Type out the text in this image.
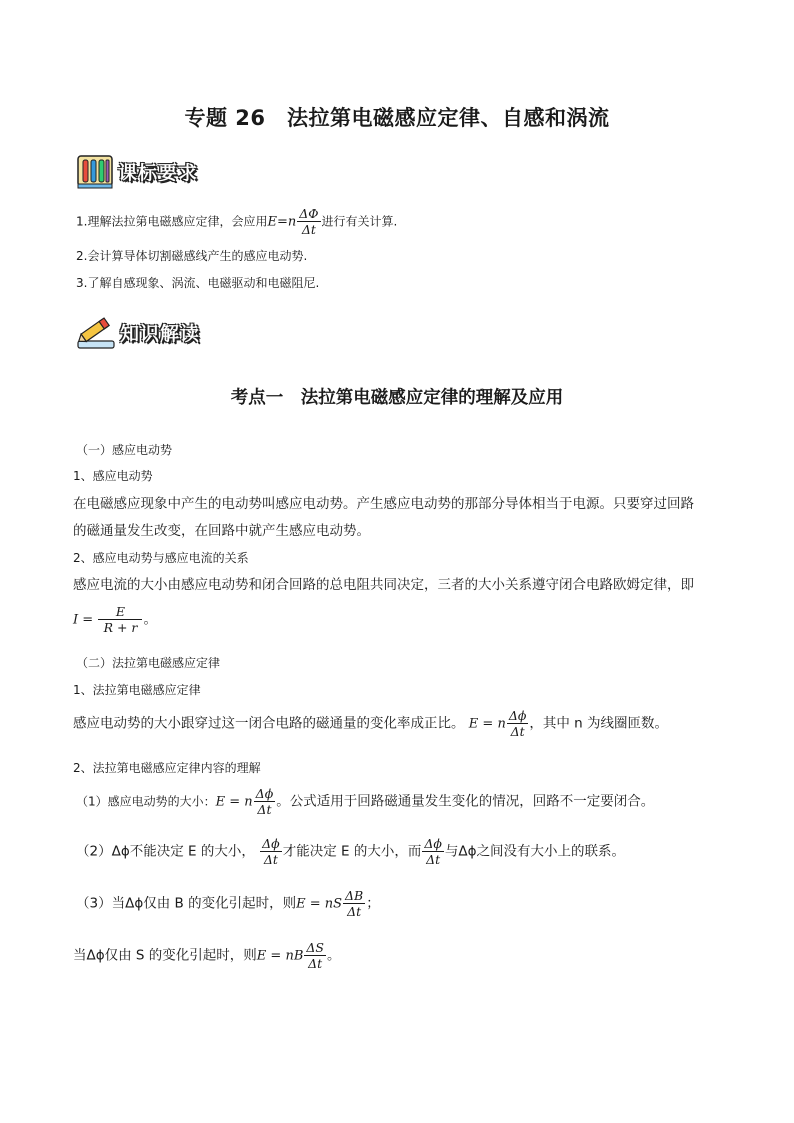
专题 26　法拉第电磁感应定律、自感和涡流
课标要求
1.理解法拉第电磁感应定律，会应用$E=n \frac{\Delta\Phi}{\Delta t}$ 进行有关计算.
2.会计算导体切割磁感线产生的感应电动势.
3.了解自感现象、涡流、电磁驱动和电磁阻尼.
知识解读
考点一　法拉第电磁感应定律的理解及应用
（一）感应电动势
1、感应电动势
在电磁感应现象中产生的电动势叫感应电动势。产生感应电动势的那部分导体相当于电源。只要穿过回路
的磁通量发生改变，在回路中就产生感应电动势。
2、感应电动势与感应电流的关系
感应电流的大小由感应电动势和闭合回路的总电阻共同决定，三者的大小关系遵守闭合电路欧姆定律，即
$I = \frac{E}{R + r}$ 。
（二）法拉第电磁感应定律
1、法拉第电磁感应定律
感应电动势的大小跟穿过这一闭合电路的磁通量的变化率成正比。 E = n $\frac{\Delta\phi}{\Delta t}$ ，其中 n 为线圈匝数。
2、法拉第电磁感应定律内容的理解
（1）感应电动势的大小：E = n $\frac{\Delta\phi}{\Delta t}$ 。公式适用于回路磁通量发生变化的情况，回路不一定要闭合。
（2）Δϕ不能决定 E 的大小， $\frac{\Delta\phi}{\Delta t}$ 才能决定 E 的大小，而 $\frac{\Delta\phi}{\Delta t}$ 与Δϕ之间没有大小上的联系。
（3）当Δϕ仅由 B 的变化引起时，则E = nS $\frac{\Delta B}{\Delta t}$ ；
当Δϕ仅由 S 的变化引起时，则E = nB $\frac{\Delta S}{\Delta t}$ 。
